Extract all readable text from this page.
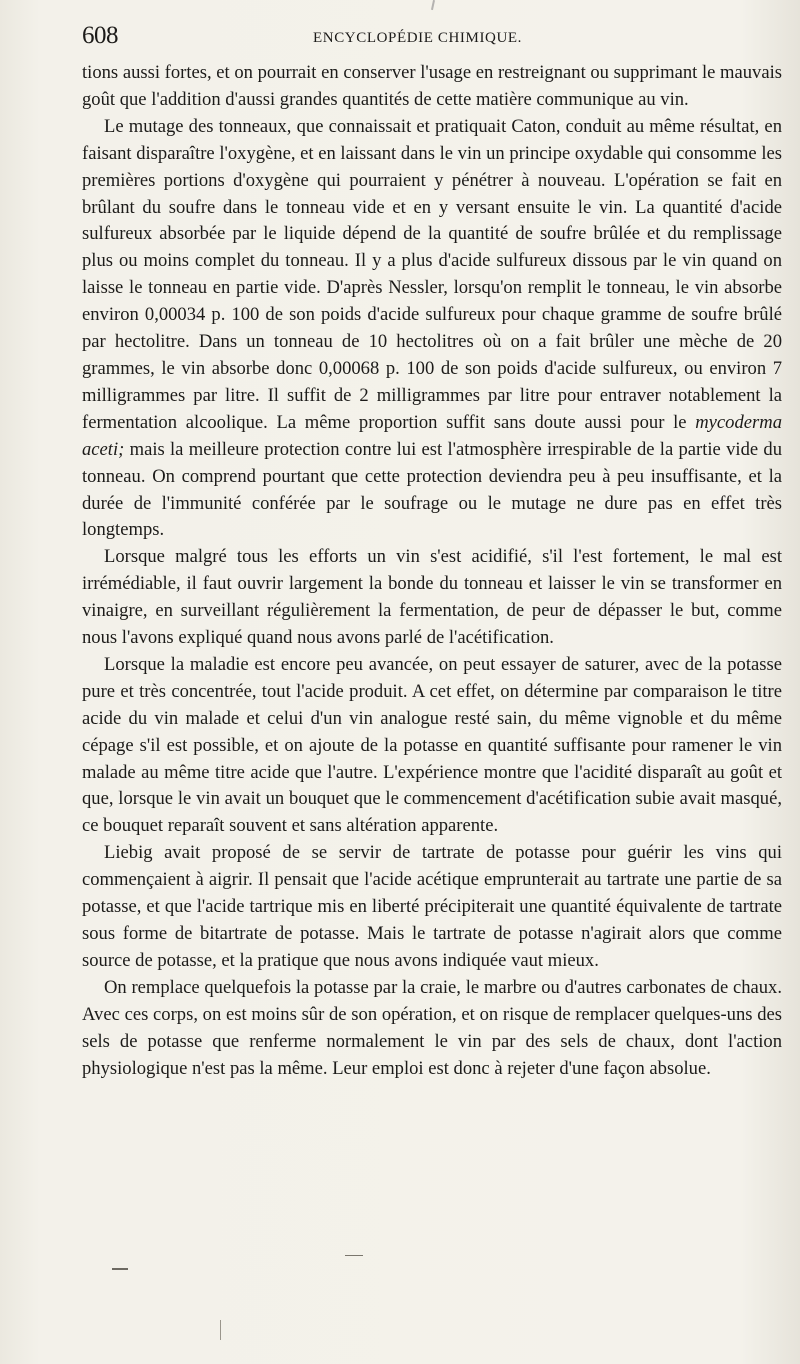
608	ENCYCLOPÉDIE CHIMIQUE.

tions aussi fortes, et on pourrait en conserver l'usage en restreignant ou supprimant le mauvais goût que l'addition d'aussi grandes quantités de cette matière communique au vin.

Le mutage des tonneaux, que connaissait et pratiquait Caton, conduit au même résultat, en faisant disparaître l'oxygène, et en laissant dans le vin un principe oxydable qui consomme les premières portions d'oxygène qui pourraient y pénétrer à nouveau. L'opération se fait en brûlant du soufre dans le tonneau vide et en y versant ensuite le vin. La quantité d'acide sulfureux absorbée par le liquide dépend de la quantité de soufre brûlée et du remplissage plus ou moins complet du tonneau. Il y a plus d'acide sulfureux dissous par le vin quand on laisse le tonneau en partie vide. D'après Nessler, lorsqu'on remplit le tonneau, le vin absorbe environ 0,00034 p. 100 de son poids d'acide sulfureux pour chaque gramme de soufre brûlé par hectolitre. Dans un tonneau de 10 hectolitres où on a fait brûler une mèche de 20 grammes, le vin absorbe donc 0,00068 p. 100 de son poids d'acide sulfureux, ou environ 7 milligrammes par litre. Il suffit de 2 milligrammes par litre pour entraver notablement la fermentation alcoolique. La même proportion suffit sans doute aussi pour le mycoderma aceti; mais la meilleure protection contre lui est l'atmosphère irrespirable de la partie vide du tonneau. On comprend pourtant que cette protection deviendra peu à peu insuffisante, et la durée de l'immunité conférée par le soufrage ou le mutage ne dure pas en effet très longtemps.

Lorsque malgré tous les efforts un vin s'est acidifié, s'il l'est fortement, le mal est irrémédiable, il faut ouvrir largement la bonde du tonneau et laisser le vin se transformer en vinaigre, en surveillant régulièrement la fermentation, de peur de dépasser le but, comme nous l'avons expliqué quand nous avons parlé de l'acétification.

Lorsque la maladie est encore peu avancée, on peut essayer de saturer, avec de la potasse pure et très concentrée, tout l'acide produit. A cet effet, on détermine par comparaison le titre acide du vin malade et celui d'un vin analogue resté sain, du même vignoble et du même cépage s'il est possible, et on ajoute de la potasse en quantité suffisante pour ramener le vin malade au même titre acide que l'autre. L'expérience montre que l'acidité disparaît au goût et que, lorsque le vin avait un bouquet que le commencement d'acétification subie avait masqué, ce bouquet reparaît souvent et sans altération apparente.

Liebig avait proposé de se servir de tartrate de potasse pour guérir les vins qui commençaient à aigrir. Il pensait que l'acide acétique emprunterait au tartrate une partie de sa potasse, et que l'acide tartrique mis en liberté précipiterait une quantité équivalente de tartrate sous forme de bitartrate de potasse. Mais le tartrate de potasse n'agirait alors que comme source de potasse, et la pratique que nous avons indiquée vaut mieux.

On remplace quelquefois la potasse par la craie, le marbre ou d'autres carbonates de chaux. Avec ces corps, on est moins sûr de son opération, et on risque de remplacer quelques-uns des sels de potasse que renferme normalement le vin par des sels de chaux, dont l'action physiologique n'est pas la même. Leur emploi est donc à rejeter d'une façon absolue.
